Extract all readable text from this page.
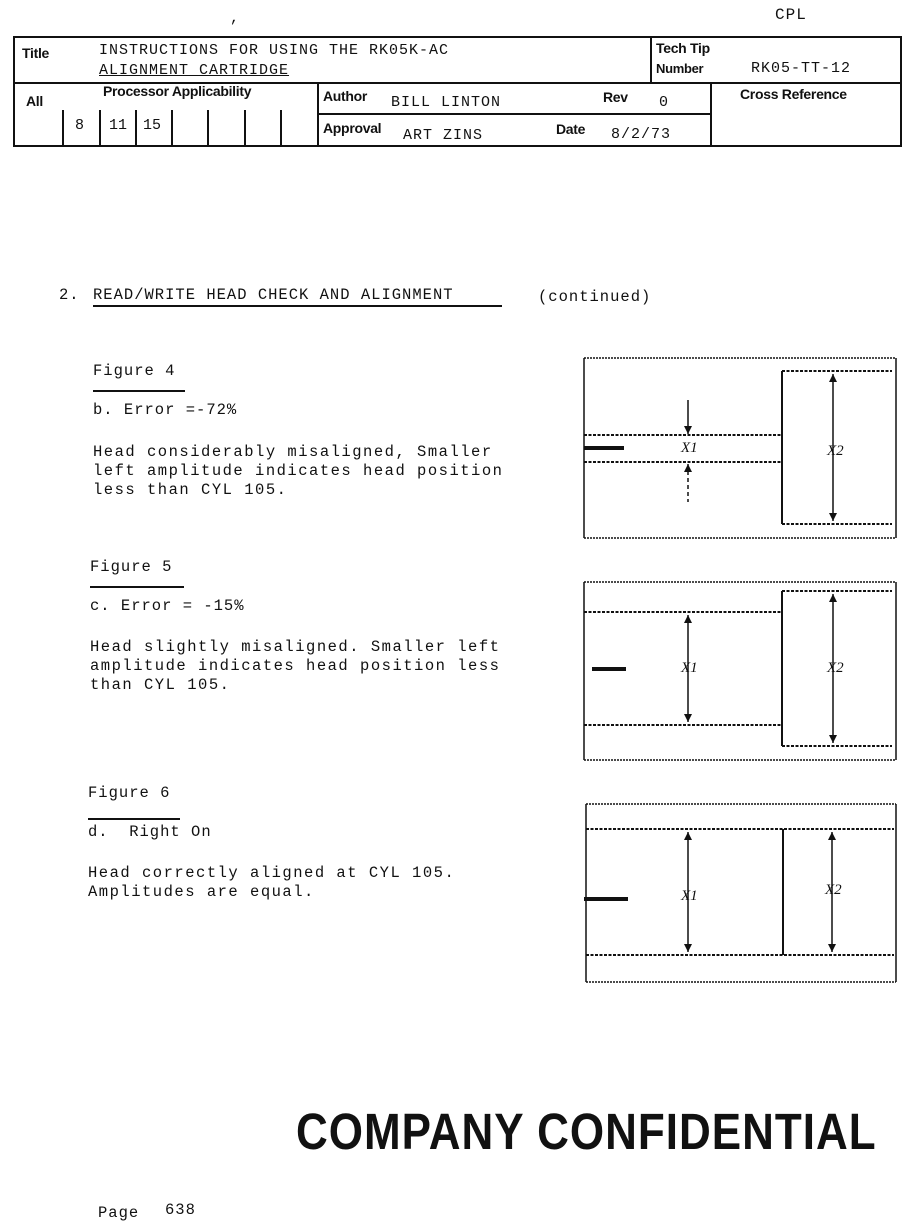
,	CPL
Title	INSTRUCTIONS FOR USING THE RK05K-AC
ALIGNMENT CARTRIDGE
Tech Tip
Number	RK05-TT-12
All
Processor Applicability
8 11 15
Author BILL LINTON	Rev 0	Cross Reference
Approval ART ZINS	Date 8/2/73
2. READ/WRITE HEAD CHECK AND ALIGNMENT	(continued)
Figure 4
b. Error =-72%
Head considerably misaligned, Smaller
left amplitude indicates head position
less than CYL 105.
X1	X2
Figure 5
c. Error = -15%
Head slightly misaligned. Smaller left
amplitude indicates head position less
than CYL 105.
X1	X2
Figure 6
d.  Right On
Head correctly aligned at CYL 105.
Amplitudes are equal.	X1	X2
COMPANY CONFIDENTIAL
Page 638
